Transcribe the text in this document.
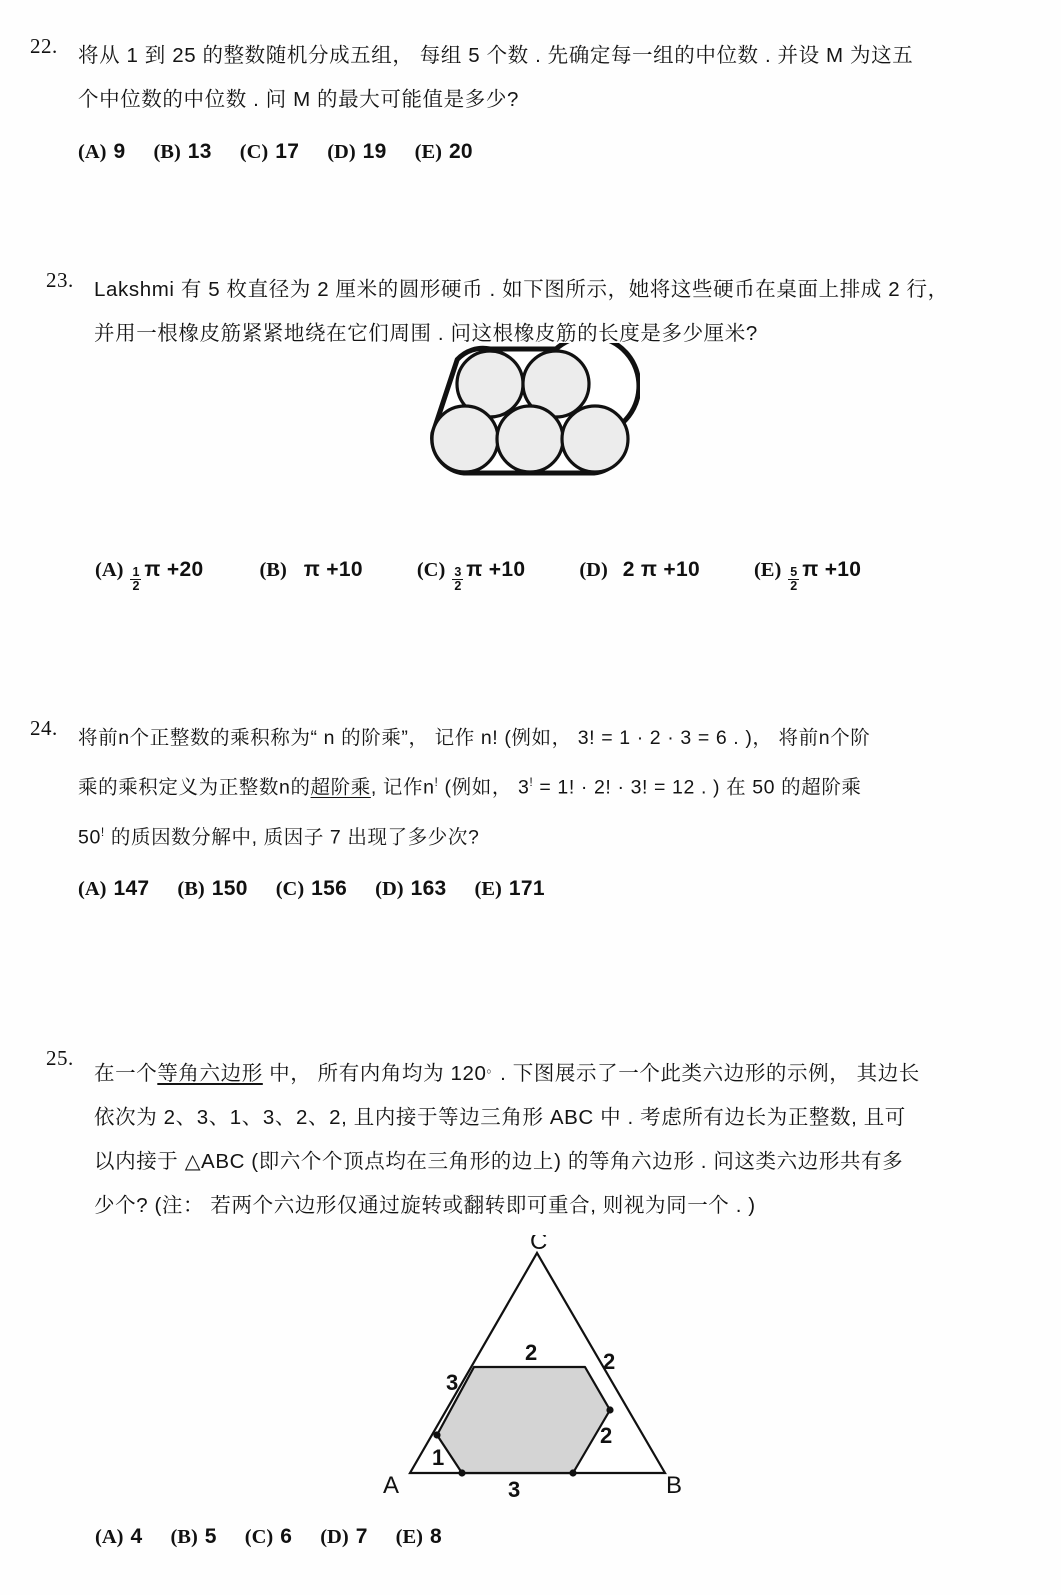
22. 将从 1 到 25 的整数随机分成五组， 每组 5 个数 . 先确定每一组的中位数 . 并设 M 为这五
个中位数的中位数 . 问 M 的最大可能值是多少?
(A) 9 (B) 13 (C) 17 (D) 19 (E) 20
23. Lakshmi 有 5 枚直径为 2 厘米的圆形硬币 . 如下图所示，她将这些硬币在桌面上排成 2 行，
并用一根橡皮筋紧紧地绕在它们周围 . 问这根橡皮筋的长度是多少厘米?
$(A) \frac{1}{2}$ π +20	(B) π +10	$(C) \frac{3}{2}$ π +10	(D) 2 π +10	$(E) \frac{5}{2}$ π +10
24.	将前n个正整数的乘积称为“ n 的阶乘”， 记作 n! (例如， 3! = 1 · 2 · 3 = 6 . )， 将前n个阶
乘的乘积定义为正整数n的超阶乘, 记作n! (例如， 3! = 1! · 2! · 3! = 12 . ) 在 50 的超阶乘
50! 的质因数分解中, 质因子 7 出现了多少次?
(A) 147 (B) 150 (C) 156 (D) 163 (E) 171
25.
在一个等角六边形 中， 所有内角均为 120。. 下图展示了一个此类六边形的示例， 其边长
依次为 2、3、1、3、2、2, 且内接于等边三角形 ABC 中 . 考虑所有边长为正整数, 且可
以内接于 △ABC (即六个个顶点均在三角形的边上) 的等角六边形 . 问这类六边形共有多
少个? (注： 若两个六边形仅通过旋转或翻转即可重合, 则视为同一个 . )
C
A	B
2	2
2
3
1
3
(A) 4 (B) 5 (C) 6 (D) 7 (E) 8
